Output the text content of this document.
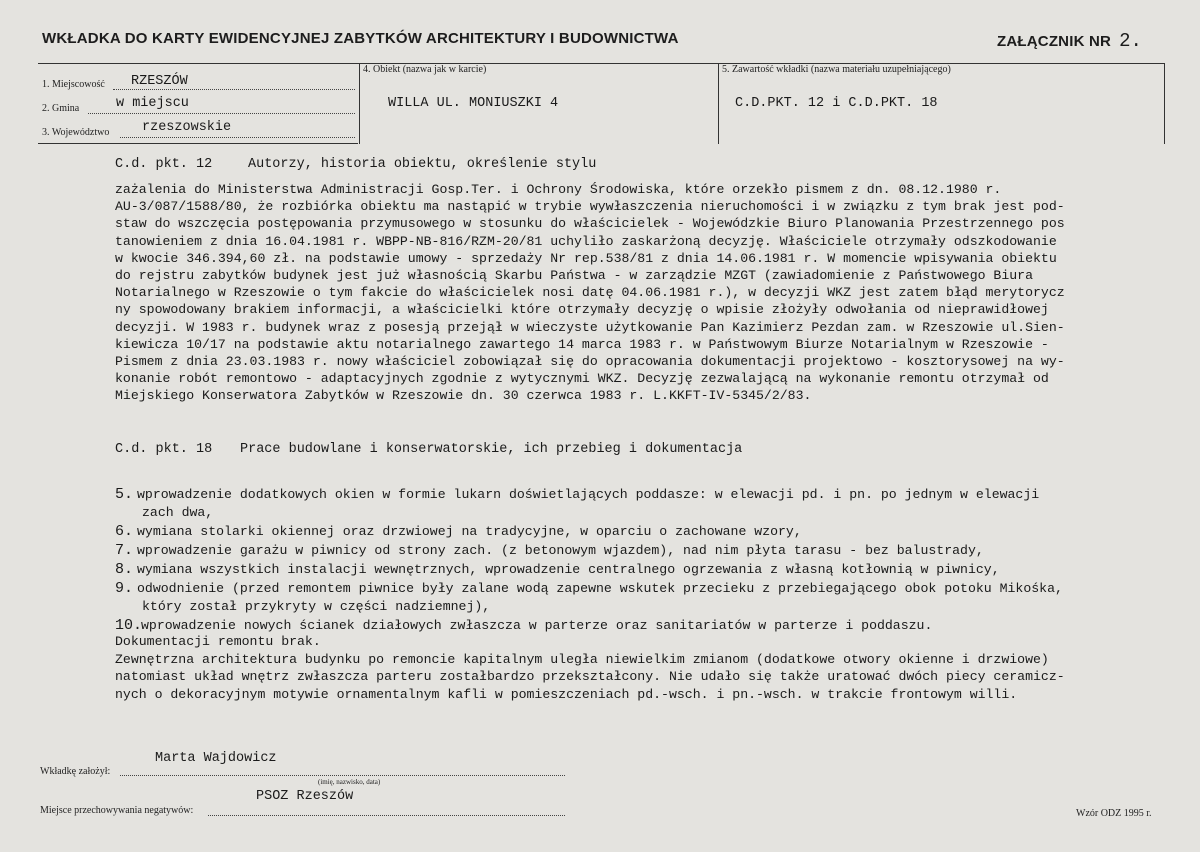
WKŁADKA DO KARTY EWIDENCYJNEJ ZABYTKÓW ARCHITEKTURY I BUDOWNICTWA	ZAŁĄCZNIK NR 2.
1. Miejscowość RZESZÓW
2. Gmina	w miejscu
3. Województwo rzeszowskie
4. Obiekt (nazwa jak w karcie)
WILLA UL. MONIUSZKI 4
5. Zawartość wkładki (nazwa materiału uzupełniającego)
C.D.PKT. 12 i C.D.PKT. 18
C.d. pkt. 12	Autorzy, historia obiektu, określenie stylu
zażalenia do Ministerstwa Administracji Gosp.Ter. i Ochrony Środowiska, które orzekło pismem z dn. 08.12.1980 r.
AU-3/087/1588/80, że rozbiórka obiektu ma nastąpić w trybie wywłaszczenia nieruchomości i w związku z tym brak jest pod-
staw do wszczęcia postępowania przymusowego w stosunku do właścicielek - Wojewódzkie Biuro Planowania Przestrzennego pos
tanowieniem z dnia 16.04.1981 r. WBPP-NB-816/RZM-20/81 uchyliło zaskarżoną decyzję. Właściciele otrzymały odszkodowanie
w kwocie 346.394,60 zł. na podstawie umowy - sprzedaży Nr rep.538/81 z dnia 14.06.1981 r. W momencie wpisywania obiektu
do rejstru zabytków budynek jest już własnością Skarbu Państwa - w zarządzie MZGT (zawiadomienie z Państwowego Biura
Notarialnego w Rzeszowie o tym fakcie do właścicielek nosi datę 04.06.1981 r.), w decyzji WKZ jest zatem błąd merytorycz
ny spowodowany brakiem informacji, a właścicielki które otrzymały decyzję o wpisie złożyły odwołania od nieprawidłowej
decyzji. W 1983 r. budynek wraz z posesją przejął w wieczyste użytkowanie Pan Kazimierz Pezdan zam. w Rzeszowie ul.Sien-
kiewicza 10/17 na podstawie aktu notarialnego zawartego 14 marca 1983 r. w Państwowym Biurze Notarialnym w Rzeszowie -
Pismem z dnia 23.03.1983 r. nowy właściciel zobowiązał się do opracowania dokumentacji projektowo - kosztorysowej na wy-
konanie robót remontowo - adaptacyjnych zgodnie z wytycznymi WKZ. Decyzję zezwalającą na wykonanie remontu otrzymał od
Miejskiego Konserwatora Zabytków w Rzeszowie dn. 30 czerwca 1983 r. L.KKFT-IV-5345/2/83.
C.d. pkt. 18 Prace budowlane i konserwatorskie, ich przebieg i dokumentacja
5. wprowadzenie dodatkowych okien w formie lukarn doświetlających poddasze: w elewacji pd. i pn. po jednym w elewacji
zach dwa,
6. wymiana stolarki okiennej oraz drzwiowej na tradycyjne, w oparciu o zachowane wzory,
7. wprowadzenie garażu w piwnicy od strony zach. (z betonowym wjazdem), nad nim płyta tarasu - bez balustrady,
8. wymiana wszystkich instalacji wewnętrznych, wprowadzenie centralnego ogrzewania z własną kotłownią w piwnicy,
9. odwodnienie (przed remontem piwnice były zalane wodą zapewne wskutek przecieku z przebiegającego obok potoku Mikośka,
który został przykryty w części nadziemnej),
10.
wprowadzenie nowych ścianek działowych zwłaszcza w parterze oraz sanitariatów w parterze i poddaszu.
Dokumentacji remontu brak.
Zewnętrzna architektura budynku po remoncie kapitalnym uległa niewielkim zmianom (dodatkowe otwory okienne i drzwiowe)
natomiast układ wnętrz zwłaszcza parteru zostałbardzo przekształcony. Nie udało się także uratować dwóch piecy ceramicz-
nych o dekoracyjnym motywie ornamentalnym kafli w pomieszczeniach pd.-wsch. i pn.-wsch. w trakcie frontowym willi.
Marta Wajdowicz
Wkładkę założył:
(imię, nazwisko, data)
PSOZ Rzeszów
Miejsce przechowywania negatywów:	Wzór ODZ 1995 r.
